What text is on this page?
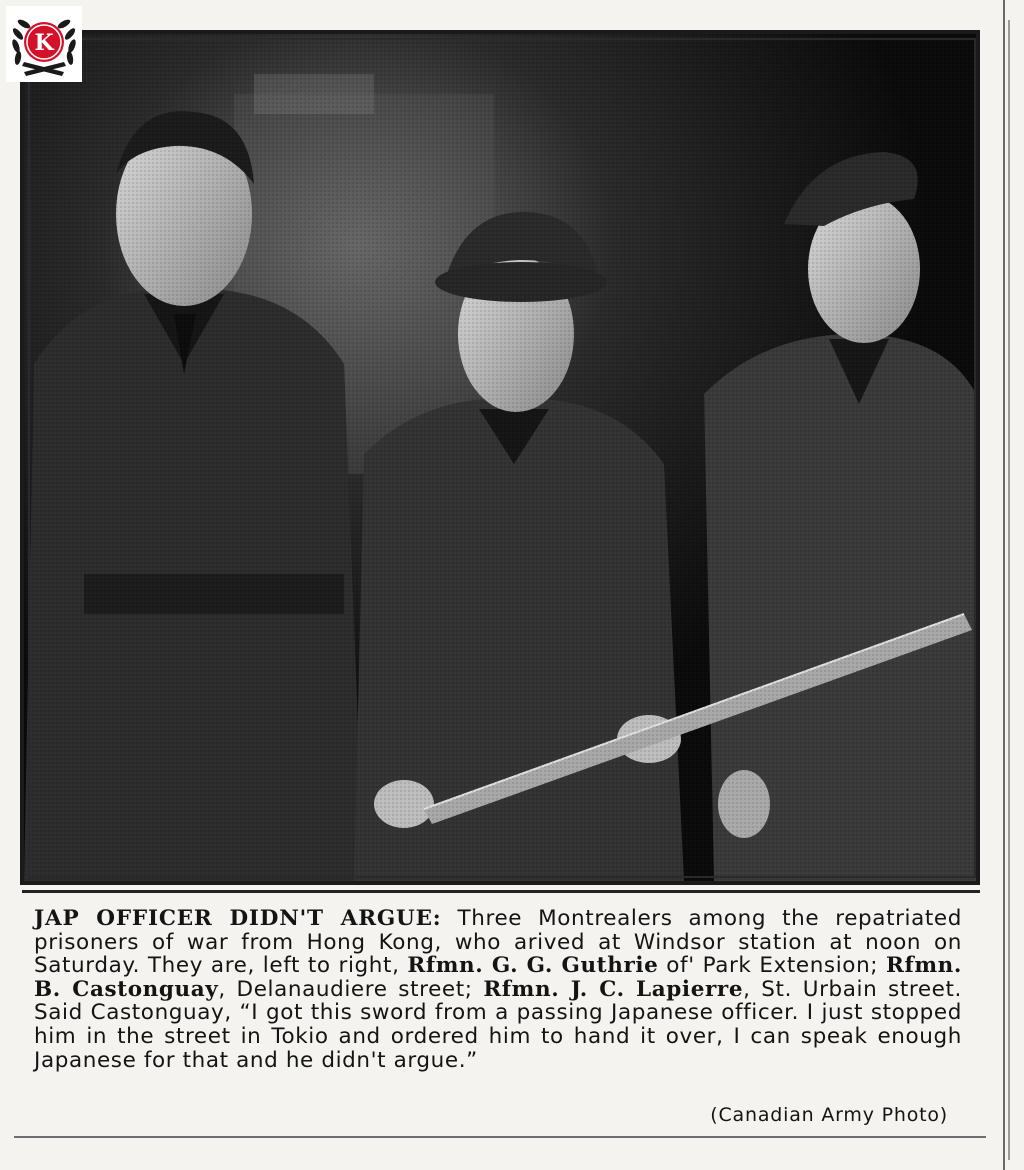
K
JAP OFFICER DIDN'T ARGUE: Three Montrealers among the repatriated prisoners of war from Hong Kong, who arived at Windsor station at noon on Saturday. They are, left to right, Rfmn. G. G. Guthrie of' Park Extension; Rfmn. B. Castonguay, Delanaudiere street; Rfmn. J. C. Lapierre, St. Urbain street. Said Castonguay, “I got this sword from a passing Japanese officer. I just stopped him in the street in Tokio and ordered him to hand it over, I can speak enough Japanese for that and he didn't argue.”
(Canadian Army Photo)
